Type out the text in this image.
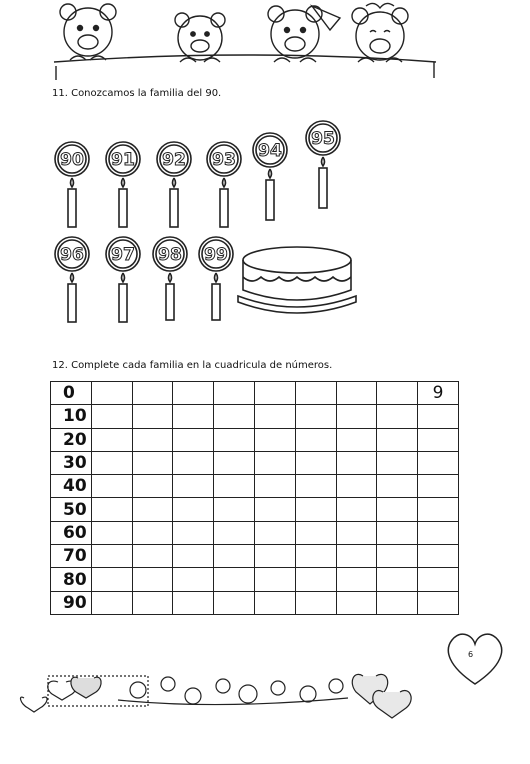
11. Conozcamos la familia del 90.
90 91 92 93 94
95
96 97 98 99
12. Complete cada familia en la cuadricula de números.
0									9
10									
20									
30									
40									
50									
60									
70									
80									
90									
6
